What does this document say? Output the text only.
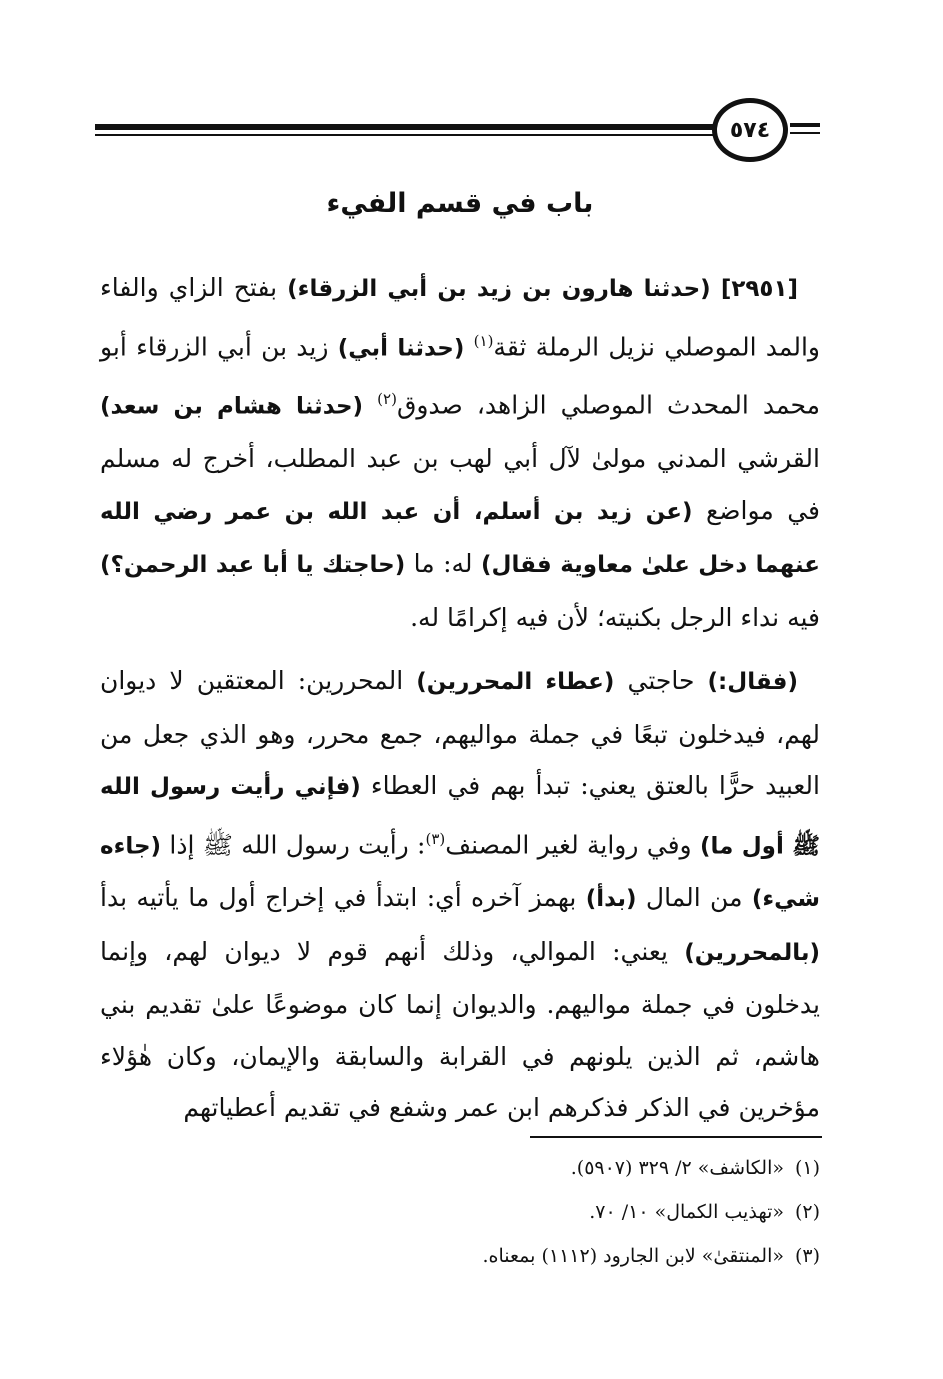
٥٧٤
باب في قسم الفيء

[٢٩٥١] (حدثنا هارون بن زيد بن أبي الزرقاء) بفتح الزاي والفاء والمد الموصلي نزيل الرملة ثقة$^{(١)}$ (حدثنا أبي) زيد بن أبي الزرقاء أبو محمد المحدث الموصلي الزاهد، صدوق$^{(٢)}$ (حدثنا هشام بن سعد) القرشي المدني مولىٰ لآل أبي لهب بن عبد المطلب، أخرج له مسلم في مواضع (عن زيد بن أسلم، أن عبد الله بن عمر رضي الله عنهما دخل علىٰ معاوية فقال) له: ما (حاجتك يا أبا عبد الرحمن؟) فيه نداء الرجل بكنيته؛ لأن فيه إكرامًا له.

(فقال:) حاجتي (عطاء المحررين) المحررين: المعتقين لا ديوان لهم، فيدخلون تبعًا في جملة مواليهم، جمع محرر، وهو الذي جعل من العبيد حرًّا بالعتق يعني: تبدأ بهم في العطاء (فإني رأيت رسول الله ﷺ أول ما) وفي رواية لغير المصنف$^{(٣)}$: رأيت رسول الله ﷺ إذا (جاءه شيء) من المال (بدأ) بهمز آخره أي: ابتدأ في إخراج أول ما يأتيه بدأ (بالمحررين) يعني: الموالي، وذلك أنهم قوم لا ديوان لهم، وإنما يدخلون في جملة مواليهم. والديوان إنما كان موضوعًا علىٰ تقديم بني هاشم، ثم الذين يلونهم في القرابة والسابقة والإيمان، وكان هٰؤلاء مؤخرين في الذكر فذكرهم ابن عمر وشفع في تقديم أعطياتهم

(١)«الكاشف» ٢/ ٣٢٩ (٥٩٠٧).

(٢)«تهذيب الكمال» ١٠/ ٧٠.

(٣)«المنتقىٰ» لابن الجارود (١١١٢) بمعناه.
